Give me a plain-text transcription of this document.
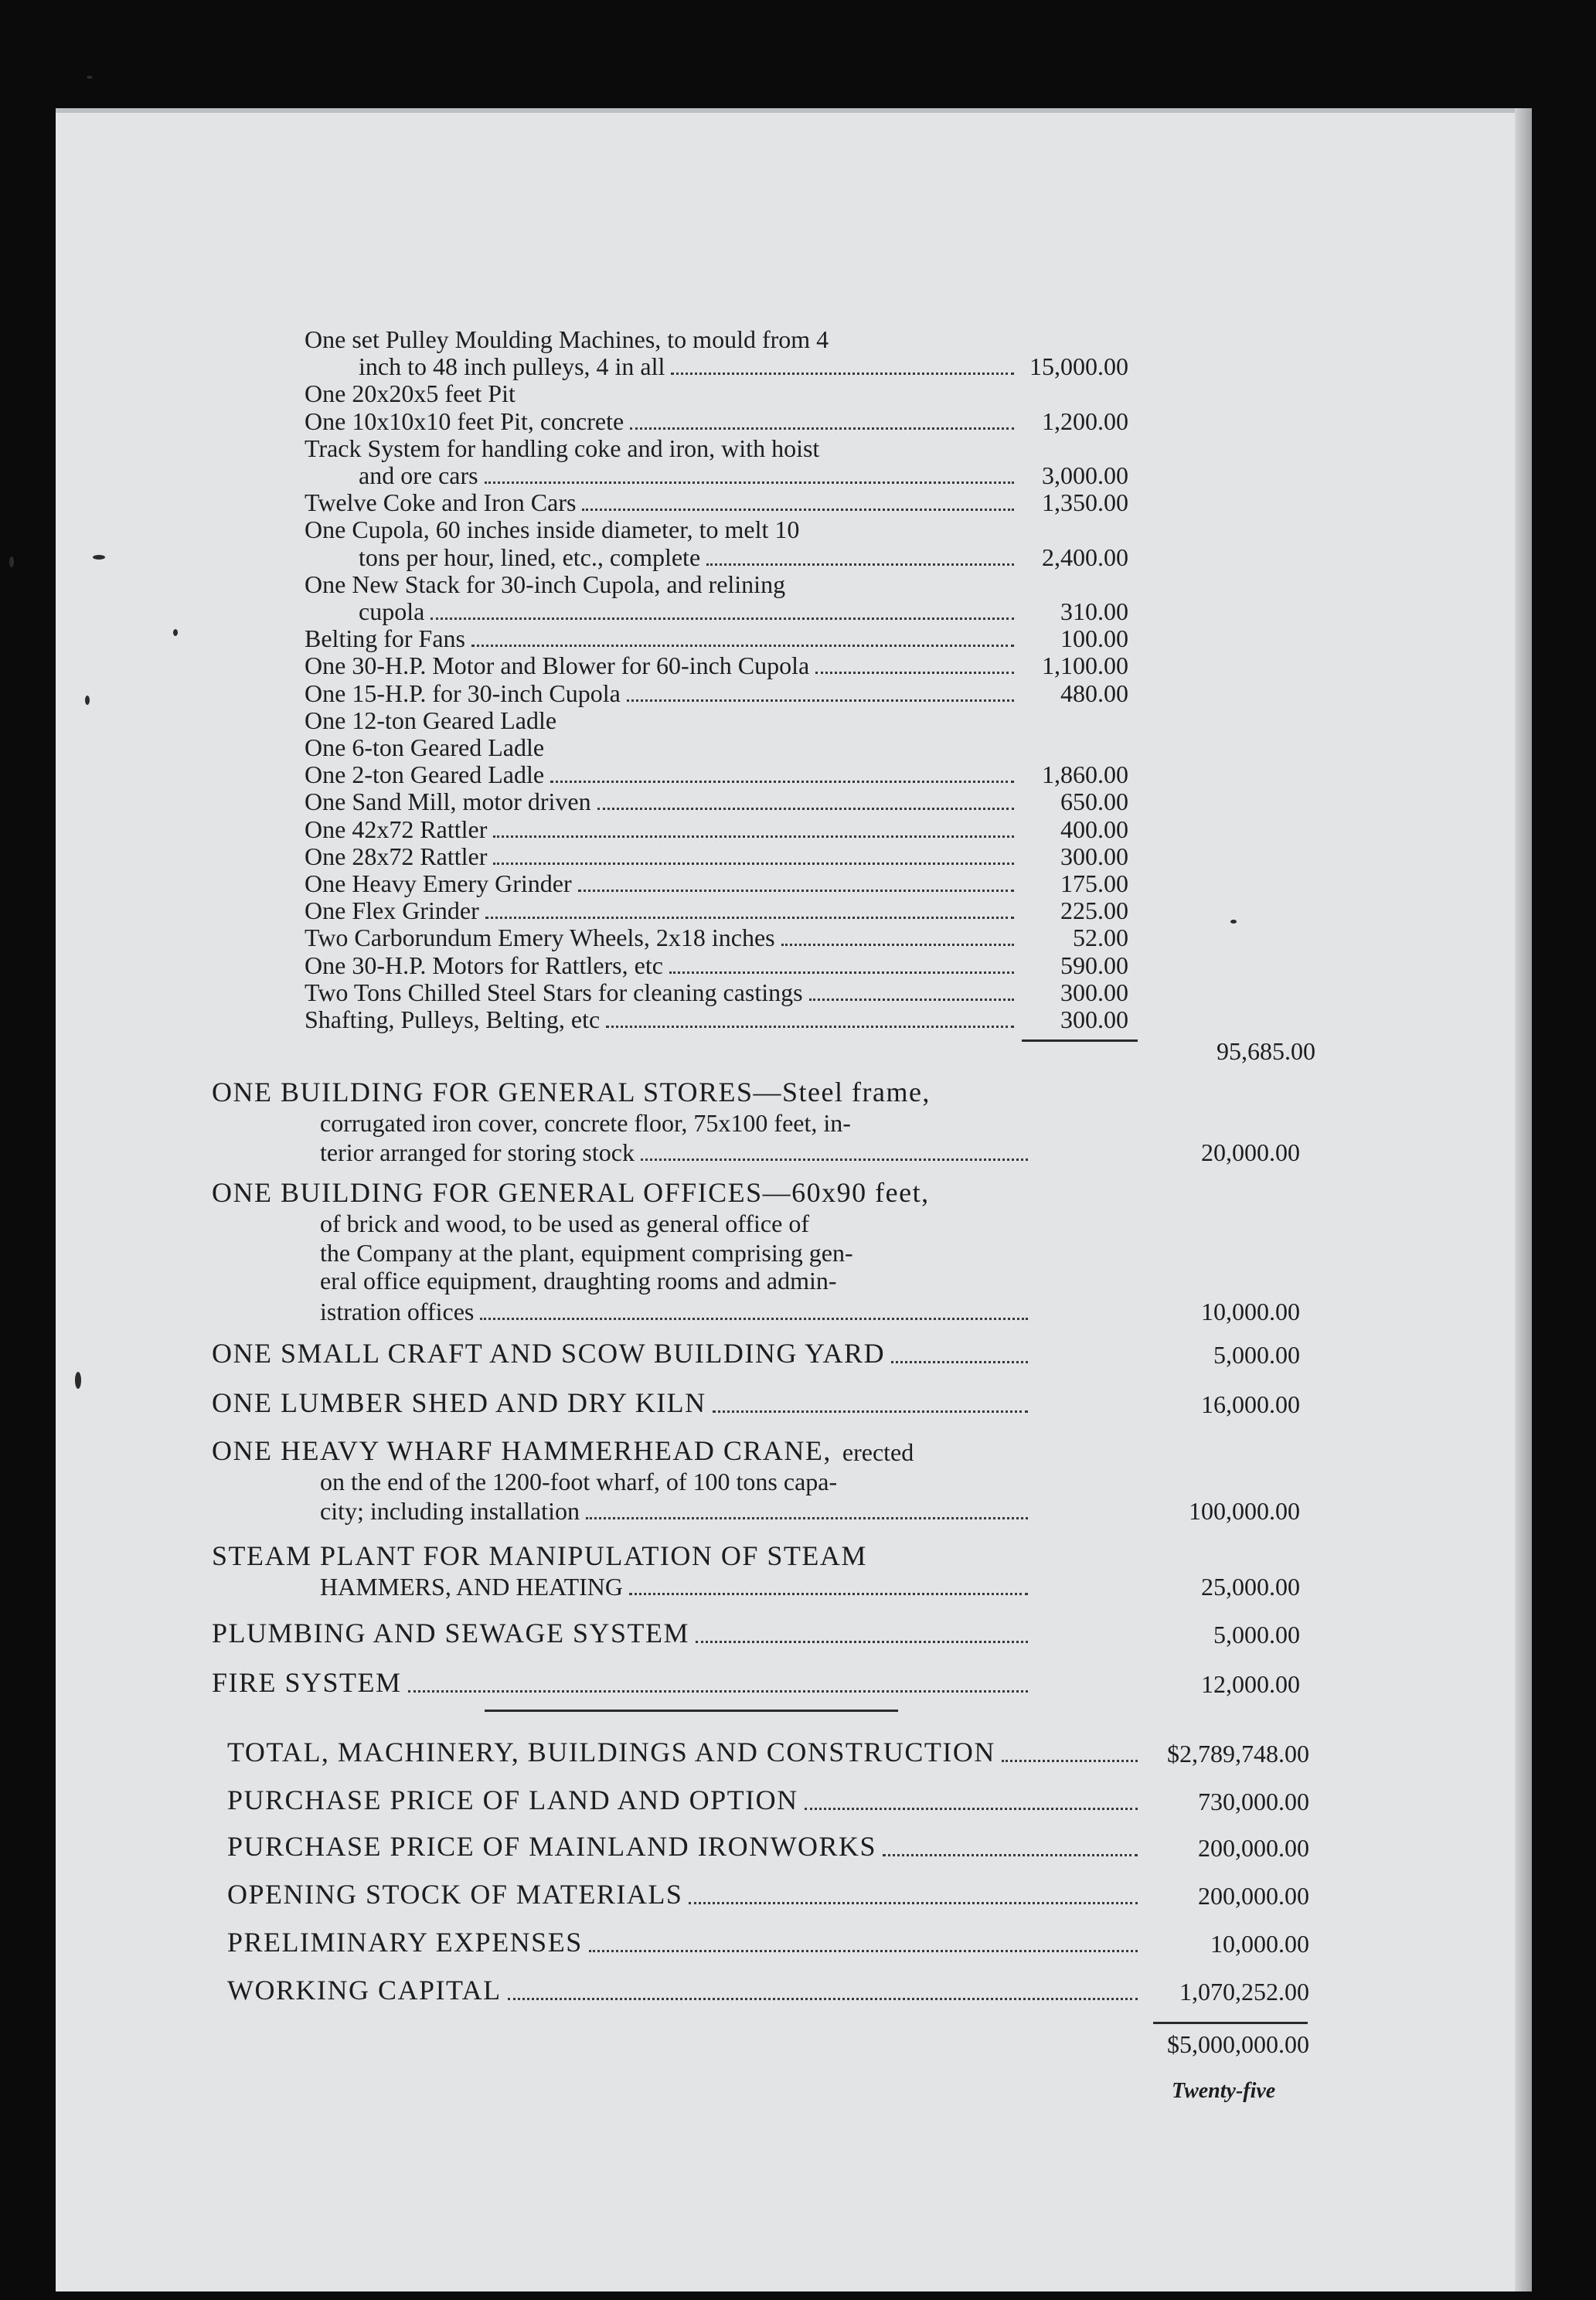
One set Pulley Moulding Machines, to mould from 4
inch to 48 inch pulleys, 4 in all	15,000.00
One 20x20x5 feet Pit
One 10x10x10 feet Pit, concrete	1,200.00
Track System for handling coke and iron, with hoist
and ore cars	3,000.00
Twelve Coke and Iron Cars	1,350.00
One Cupola, 60 inches inside diameter, to melt 10
tons per hour, lined, etc., complete	2,400.00
One New Stack for 30-inch Cupola, and relining
cupola	310.00
Belting for Fans	100.00
One 30-H.P. Motor and Blower for 60-inch Cupola	1,100.00
One 15-H.P. for 30-inch Cupola	480.00
One 12-ton Geared Ladle
One 6-ton Geared Ladle
One 2-ton Geared Ladle	1,860.00
One Sand Mill, motor driven	650.00
One 42x72 Rattler	400.00
One 28x72 Rattler	300.00
One Heavy Emery Grinder	175.00
One Flex Grinder	225.00
Two Carborundum Emery Wheels, 2x18 inches	52.00
One 30-H.P. Motors for Rattlers, etc	590.00
Two Tons Chilled Steel Stars for cleaning castings	300.00
Shafting, Pulleys, Belting, etc	300.00
95,685.00
ONE BUILDING FOR GENERAL STORES—Steel frame,
corrugated iron cover, concrete floor, 75x100 feet, in-
terior arranged for storing stock	20,000.00
ONE BUILDING FOR GENERAL OFFICES—60x90 feet,
of brick and wood, to be used as general office of
the Company at the plant, equipment comprising gen-
eral office equipment, draughting rooms and admin-
istration offices	10,000.00
ONE SMALL CRAFT AND SCOW BUILDING YARD	5,000.00
ONE LUMBER SHED AND DRY KILN	16,000.00
ONE HEAVY WHARF HAMMERHEAD CRANE, erected
on the end of the 1200-foot wharf, of 100 tons capa-
city; including installation	100,000.00
STEAM PLANT FOR MANIPULATION OF STEAM
HAMMERS, AND HEATING	25,000.00
PLUMBING AND SEWAGE SYSTEM	5,000.00
FIRE SYSTEM	12,000.00
TOTAL, MACHINERY, BUILDINGS AND CONSTRUCTION	$2,789,748.00
PURCHASE PRICE OF LAND AND OPTION	730,000.00
PURCHASE PRICE OF MAINLAND IRONWORKS	200,000.00
OPENING STOCK OF MATERIALS	200,000.00
PRELIMINARY EXPENSES	10,000.00
WORKING CAPITAL	1,070,252.00
$5,000,000.00
Twenty-five
